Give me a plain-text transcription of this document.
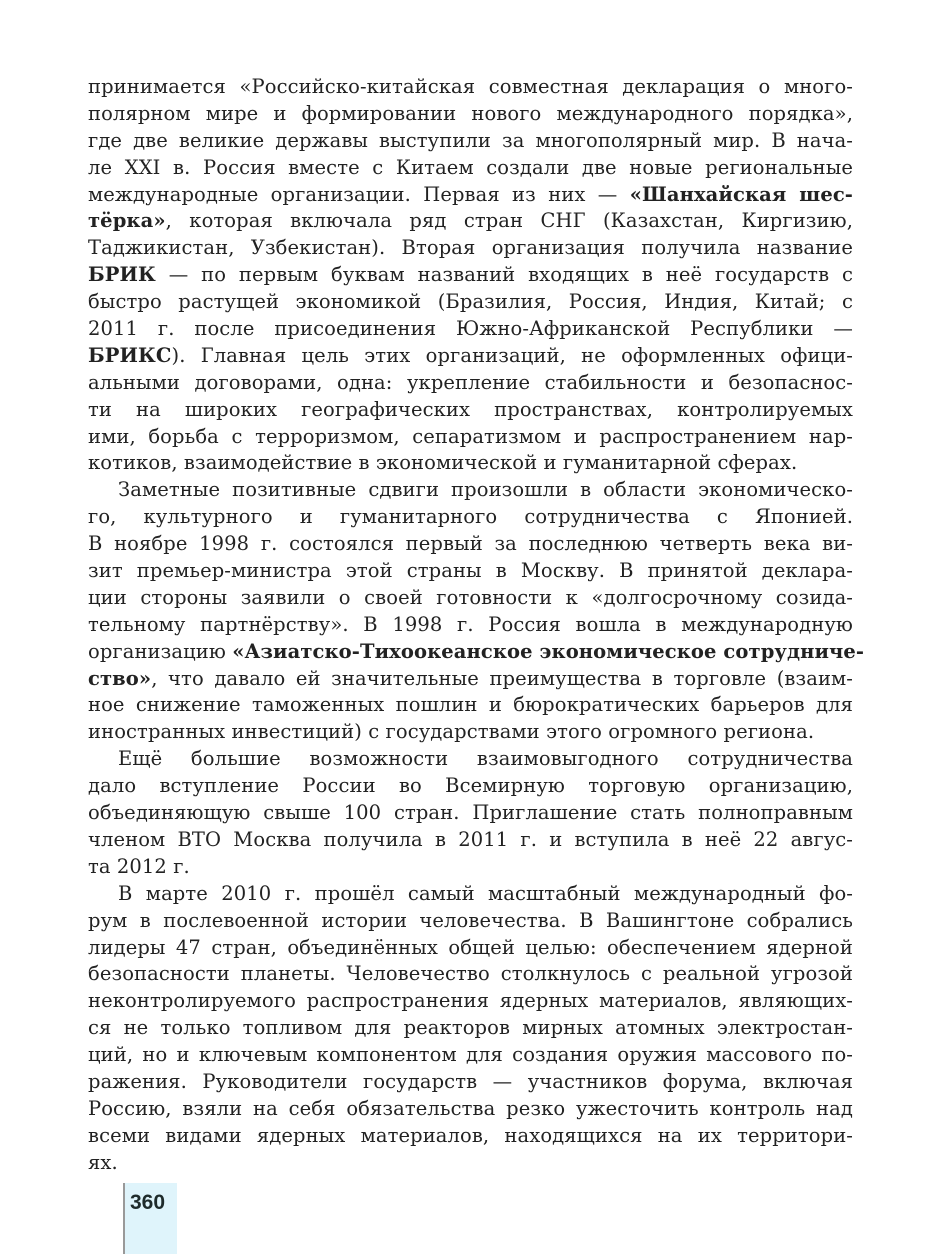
принимается «Российско-китайская совместная декларация о много-
полярном мире и формировании нового международного порядка»,
где две великие державы выступили за многополярный мир. В нача-
ле XXI в. Россия вместе с Китаем создали две новые региональные
международные организации. Первая из них — «Шанхайская шес-
тёрка», которая включала ряд стран СНГ (Казахстан, Киргизию,
Таджикистан, Узбекистан). Вторая организация получила название
БРИК — по первым буквам названий входящих в неё государств с
быстро растущей экономикой (Бразилия, Россия, Индия, Китай; с
2011 г. после присоединения Южно-Африканской Республики —
БРИКС). Главная цель этих организаций, не оформленных офици-
альными договорами, одна: укрепление стабильности и безопаснос-
ти на широких географических пространствах, контролируемых
ими, борьба с терроризмом, сепаратизмом и распространением нар-
котиков, взаимодействие в экономической и гуманитарной сферах.
Заметные позитивные сдвиги произошли в области экономическо-
го, культурного и гуманитарного сотрудничества с Японией.
В ноябре 1998 г. состоялся первый за последнюю четверть века ви-
зит премьер-министра этой страны в Москву. В принятой деклара-
ции стороны заявили о своей готовности к «долгосрочному созида-
тельному партнёрству». В 1998 г. Россия вошла в международную
организацию «Азиатско-Тихоокеанское экономическое сотрудниче-
ство», что давало ей значительные преимущества в торговле (взаим-
ное снижение таможенных пошлин и бюрократических барьеров для
иностранных инвестиций) с государствами этого огромного региона.
Ещё большие возможности взаимовыгодного сотрудничества
дало вступление России во Всемирную торговую организацию,
объединяющую свыше 100 стран. Приглашение стать полноправным
членом ВТО Москва получила в 2011 г. и вступила в неё 22 авгус-
та 2012 г.
В марте 2010 г. прошёл самый масштабный международный фо-
рум в послевоенной истории человечества. В Вашингтоне собрались
лидеры 47 стран, объединённых общей целью: обеспечением ядерной
безопасности планеты. Человечество столкнулось с реальной угрозой
неконтролируемого распространения ядерных материалов, являющих-
ся не только топливом для реакторов мирных атомных электростан-
ций, но и ключевым компонентом для создания оружия массового по-
ражения. Руководители государств — участников форума, включая
Россию, взяли на себя обязательства резко ужесточить контроль над
всеми видами ядерных материалов, находящихся на их территори-
ях.
360
